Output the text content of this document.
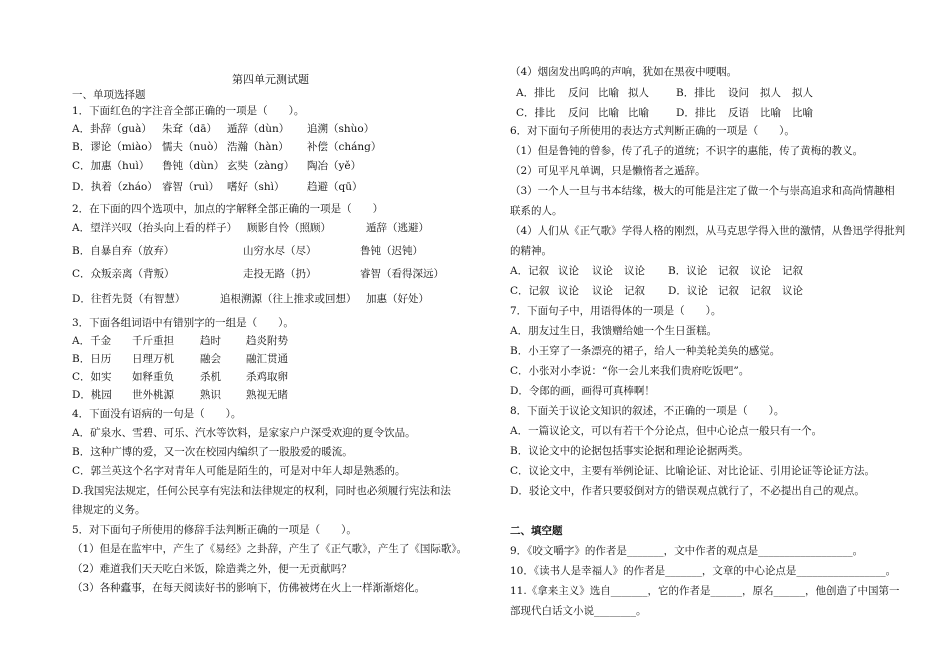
第四单元测试题
一、单项选择题
1．下面红色的字注音全部正确的一项是（　　）。
A．卦辞（guà） 朱耷（dā） 遁辞（dùn） 追溯（shùo）
B．谬论（miào） 懦夫（nuò） 浩瀚（hàn） 补偿（cháng）
C．加惠（huì） 鲁钝（dùn） 玄奘（zàng） 陶冶（yě）
D．执着（zháo） 睿智（ruì） 嗜好（shì） 趋避（qū）
2．在下面的四个选项中，加点的字解释全部正确的一项是（　　）
A．望洋兴叹（抬头向上看的样子） 顾影自怜（照顾）	遁辞（逃避）
B．自暴自弃（放弃）	山穷水尽（尽）	鲁钝（迟钝）
C．众叛亲离（背叛）	走投无路（扔）	睿智（看得深远）
D．往哲先贤（有智慧）	追根溯源（往上推求或回想） 加惠（好处）
3．下面各组词语中有错别字的一组是（　　）。
A．千金 千斤重担 趋时 趋炎附势
B．日历 日理万机 融会 融汇贯通
C．如实 如释重负 杀机 杀鸡取卵
D．桃园 世外桃源 熟识 熟视无睹
4．下面没有语病的一句是（　　）。
A．矿泉水、雪碧、可乐、汽水等饮料，是家家户户深受欢迎的夏令饮品。
B．这种广博的爱，又一次在校园内编织了一股股爱的暖流。
C．郭兰英这个名字对青年人可能是陌生的，可是对中年人却是熟悉的。
D.我国宪法规定，任何公民享有宪法和法律规定的权利，同时也必须履行宪法和法
律规定的义务。
5．对下面句子所使用的修辞手法判断正确的一项是（　　）。
（1）但是在监牢中，产生了《易经》之卦辞，产生了《正气歌》，产生了《国际歌》。
（2）难道我们天天吃白米饭，除造粪之外，便一无贡献吗？
（3）各种蠹事，在每天阅读好书的影响下，仿佛被烤在火上一样渐渐熔化。
（4）烟囱发出呜呜的声响，犹如在黑夜中哽咽。
A．排比 反问 比喻 拟人	B．排比 设问 拟人 拟人
C．排比 反问 比喻 比喻	D．排比 反语 比喻 比喻
6．对下面句子所使用的表达方式判断正确的一项是（　　）。
（1）但是鲁钝的曾参，传了孔子的道统；不识字的惠能，传了黄梅的教义。
（2）可见平凡单调，只是懒惰者之遁辞。
（3）一个人一旦与书本结缘，极大的可能是注定了做一个与崇高追求和高尚情趣相
联系的人。
（4）人们从《正气歌》学得人格的刚烈，从马克思学得入世的激情，从鲁迅学得批判
的精神。
A．记叙 议论 议论 议论 B．议论 记叙 议论 记叙
C．记叙 议论 议论 记叙 D．议论 记叙 记叙 议论
7．下面句子中，用语得体的一项是（　　）。
A．朋友过生日，我馈赠给她一个生日蛋糕。
B．小王穿了一条漂亮的裙子，给人一种美轮美奂的感觉。
C．小张对小李说：“你一会儿来我们贵府吃饭吧”。
D．令郎的画，画得可真棒啊！
8．下面关于议论文知识的叙述，不正确的一项是（　　）。
A．一篇议论文，可以有若干个分论点，但中心论点一般只有一个。
B．议论文中的论据包括事实论据和理论论据两类。
C．议论文中，主要有举例论证、比喻论证、对比论证、引用论证等论证方法。
D．驳论文中，作者只要驳倒对方的错误观点就行了，不必提出自己的观点。
二、填空题
9．《咬文嚼字》的作者是_______，文中作者的观点是__________________。
10．《读书人是幸福人》的作者是_______，文章的中心论点是_________________。
11.《拿来主义》选自_______，它的作者是______，原名______，他创造了中国第一
部现代白话文小说________。
